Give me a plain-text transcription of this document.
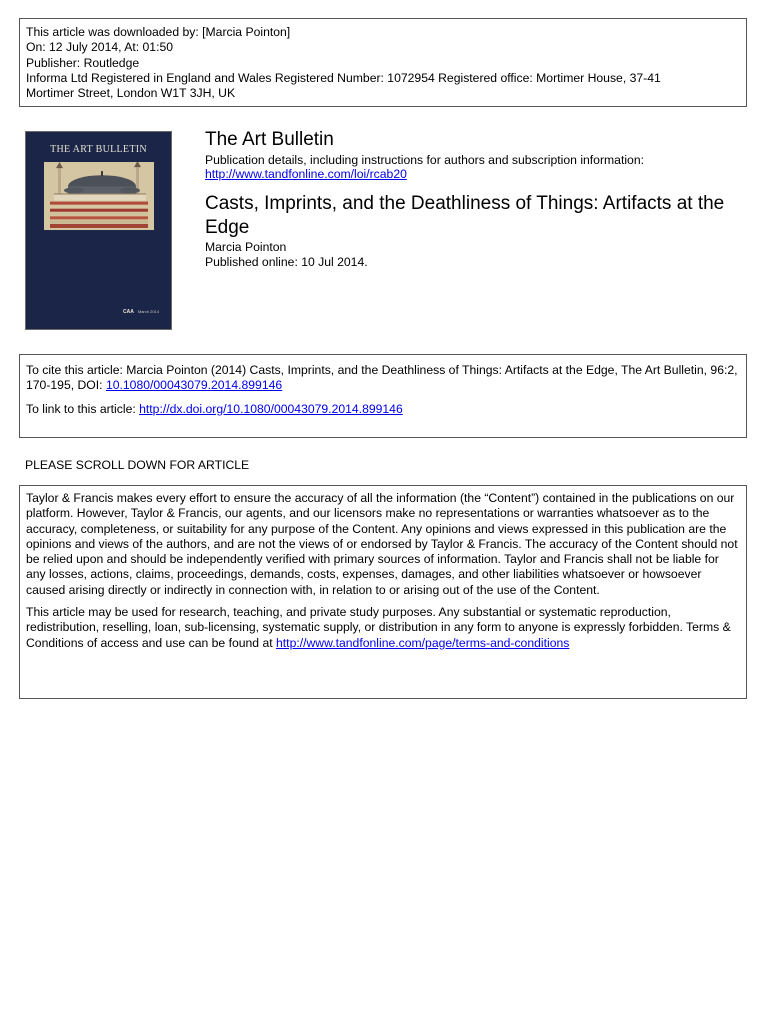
This article was downloaded by: [Marcia Pointon]
On: 12 July 2014, At: 01:50
Publisher: Routledge
Informa Ltd Registered in England and Wales Registered Number: 1072954 Registered office: Mortimer House, 37-41
Mortimer Street, London W1T 3JH, UK
THE ART BULLETIN
CAA March 2014
The Art Bulletin
Publication details, including instructions for authors and subscription information:
http://www.tandfonline.com/loi/rcab20
Casts, Imprints, and the Deathliness of Things: Artifacts at the Edge
Marcia Pointon
Published online: 10 Jul 2014.

To cite this article: Marcia Pointon (2014) Casts, Imprints, and the Deathliness of Things: Artifacts at the Edge, The Art Bulletin, 96:2, 170-195, DOI: 10.1080/00043079.2014.899146

To link to this article: http://dx.doi.org/10.1080/00043079.2014.899146

PLEASE SCROLL DOWN FOR ARTICLE

Taylor & Francis makes every effort to ensure the accuracy of all the information (the “Content”) contained in the publications on our platform. However, Taylor & Francis, our agents, and our licensors make no representations or warranties whatsoever as to the accuracy, completeness, or suitability for any purpose of the Content. Any opinions and views expressed in this publication are the opinions and views of the authors, and are not the views of or endorsed by Taylor & Francis. The accuracy of the Content should not be relied upon and should be independently verified with primary sources of information. Taylor and Francis shall not be liable for any losses, actions, claims, proceedings, demands, costs, expenses, damages, and other liabilities whatsoever or howsoever caused arising directly or indirectly in connection with, in relation to or arising out of the use of the Content.

This article may be used for research, teaching, and private study purposes. Any substantial or systematic reproduction, redistribution, reselling, loan, sub-licensing, systematic supply, or distribution in any form to anyone is expressly forbidden. Terms & Conditions of access and use can be found at http://www.tandfonline.com/page/terms-and-conditions
